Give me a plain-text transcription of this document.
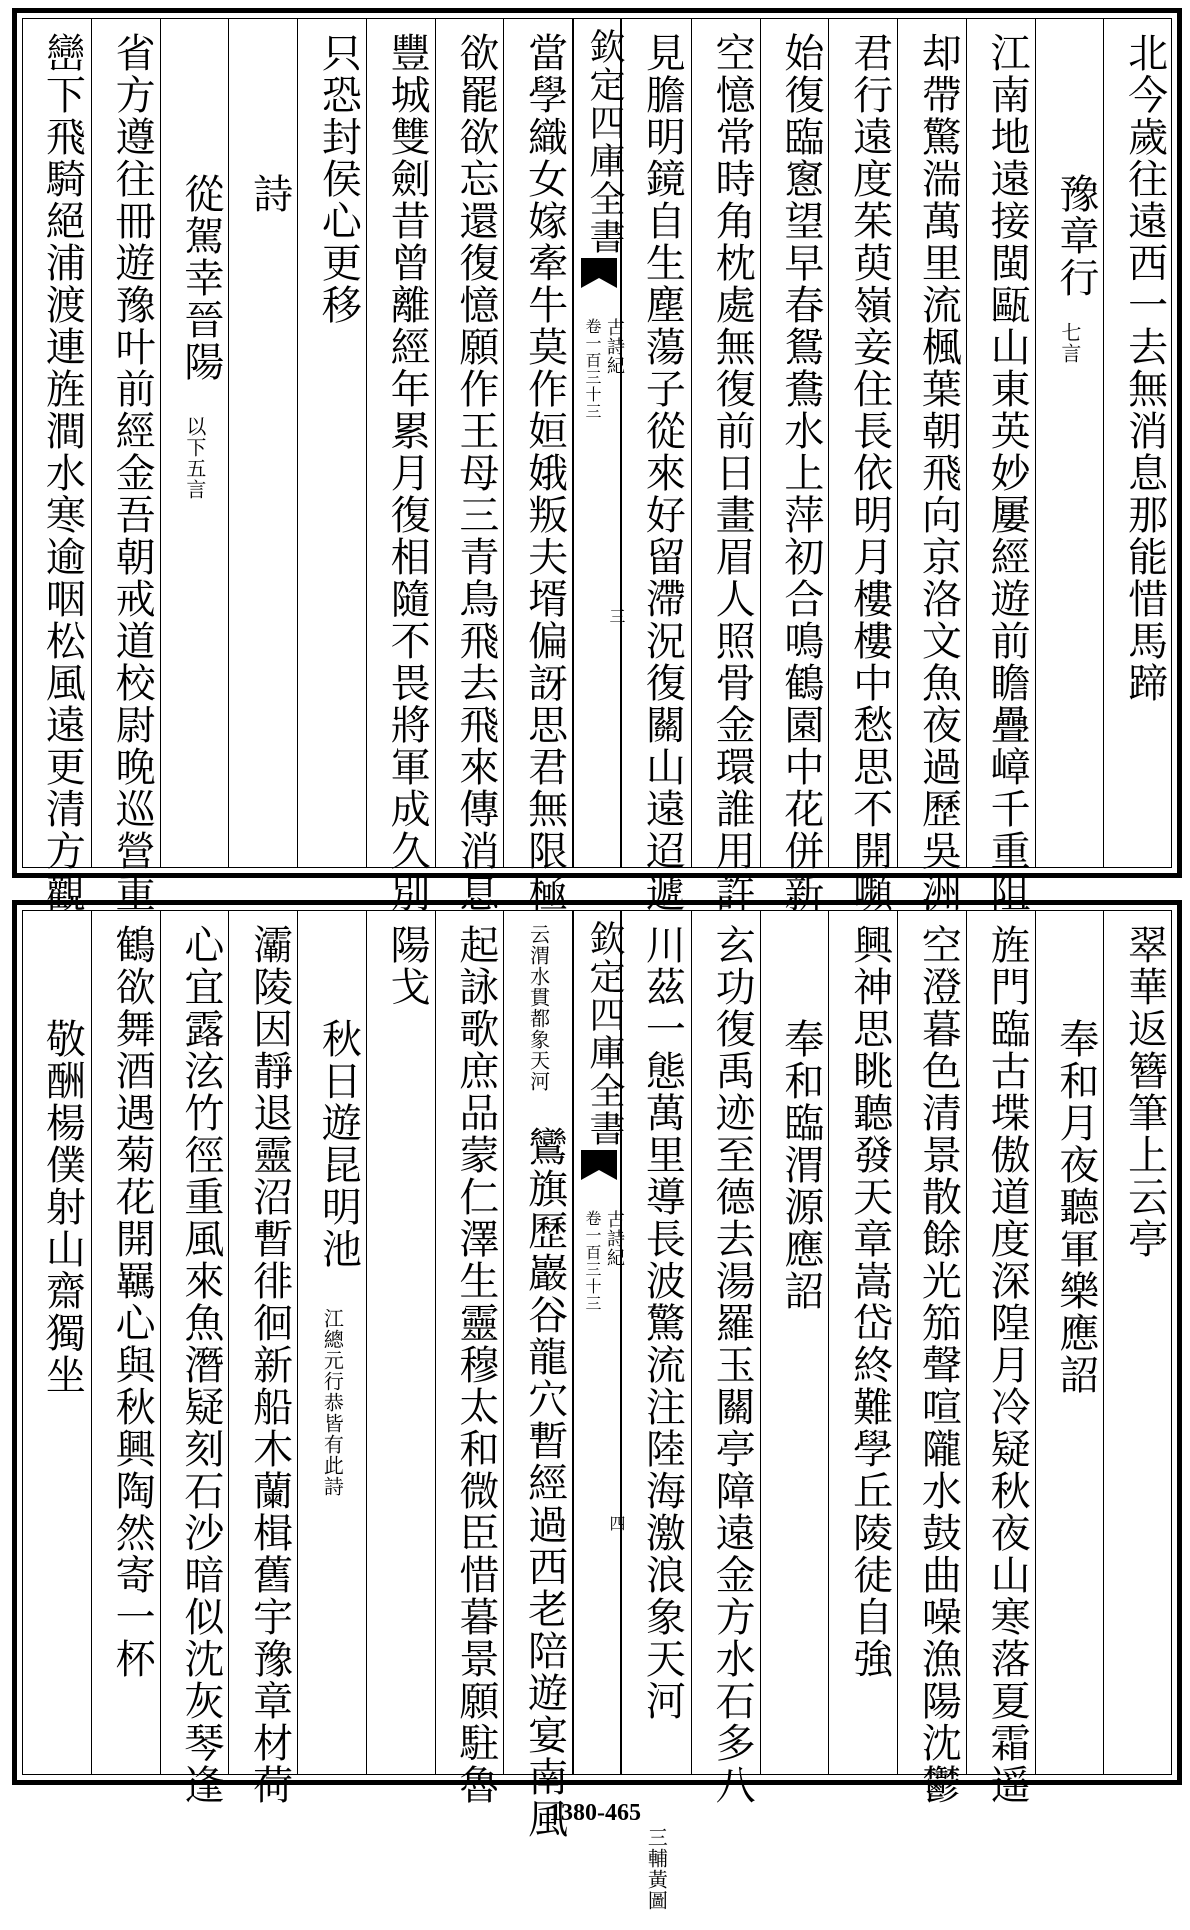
北今歲往遠西一去無消息那能惜馬蹄
豫章行
七言
江南地遠接閩甌山東英妙屢經遊前瞻疊嶂千重阻
却帶驚湍萬里流楓葉朝飛向京洛文魚夜過歷吳洲
君行遠度茱萸嶺妾住長依明月樓樓中愁思不開嚬
始復臨窻望早春鴛鴦水上萍初合鳴鶴園中花併新
空憶常時角枕處無復前日畫眉人照骨金環誰用許
見膽明鏡自生塵蕩子從來好留滯況復關山遠迢遞
當學織女嫁牽牛莫作姮娥叛夫壻偏訝思君無限極
欲罷欲忘還復憶願作王母三青鳥飛去飛來傳消息
豐城雙劍昔曾離經年累月復相隨不畏將軍成久別
只恐封侯心更移
詩
從駕幸晉陽
以下五言
省方遵往冊遊豫叶前經金吾朝戒道校尉晚巡營重
巒下飛騎絕浦渡連旌澗水寒逾咽松風遠更清方觀	欽定四庫全書
古詩紀
卷一百三十三
三
翠華返簪筆上云亭
奉和月夜聽軍樂應詔
旌門臨古堞傲道度深隍月冷疑秋夜山寒落夏霜遥
空澄暮色清景散餘光笳聲喧隴水鼓曲噪漁陽沈鬱
興神思眺聽發天章嵩岱終難學丘陵徒自強
奉和臨渭源應詔
玄功復禹迹至德去湯羅玉關亭障遠金方水石多八
川茲一態萬里導長波驚流注陸海激浪象天河
三輔黃圖
鸞旗歷巖谷龍穴暫經過西老陪遊宴南風
云渭水貫都象天河
起詠歌庶品蒙仁澤生靈穆太和微臣惜暮景願駐魯
陽戈
秋日遊昆明池
江總元行恭皆有此詩
灞陵因靜退靈沼暫徘徊新船木蘭楫舊宇豫章材荷
心宜露泫竹徑重風來魚潛疑刻石沙暗似沈灰琴逢
鶴欲舞酒遇菊花開羈心與秋興陶然寄一杯
敬酬楊僕射山齋獨坐	欽定四庫全書
古詩紀
卷一百三十三
四
1380-465
